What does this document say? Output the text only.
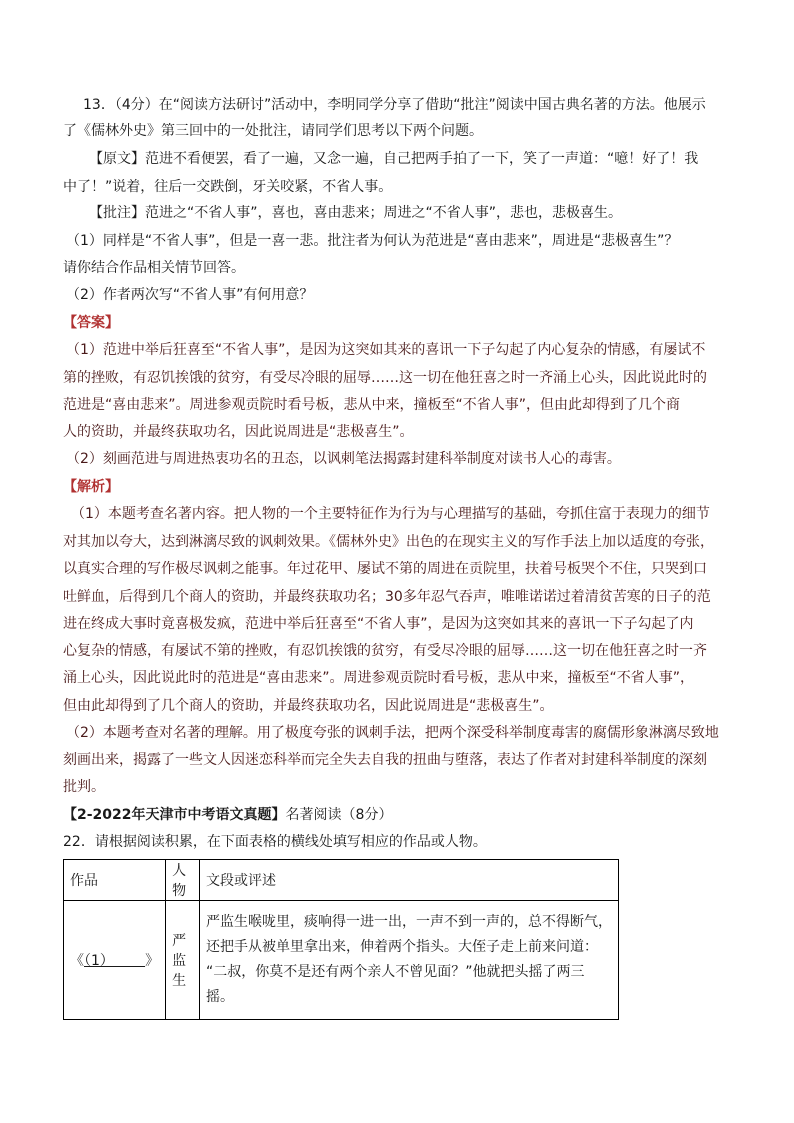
13．（4分）在“阅读方法研讨”活动中，李明同学分享了借助“批注”阅读中国古典名著的方法。他展示
了《儒林外史》第三回中的一处批注，请同学们思考以下两个问题。
【原文】范进不看便罢，看了一遍，又念一遍，自己把两手拍了一下，笑了一声道：“噫！好了！我
中了！”说着，往后一交跌倒，牙关咬紧，不省人事。
【批注】范进之“不省人事”，喜也，喜由悲来；周进之“不省人事”，悲也，悲极喜生。
（1）同样是“不省人事”，但是一喜一悲。批注者为何认为范进是“喜由悲来”，周进是“悲极喜生”？
请你结合作品相关情节回答。
（2）作者两次写“不省人事”有何用意？
【答案】
（1）范进中举后狂喜至“不省人事”，是因为这突如其来的喜讯一下子勾起了内心复杂的情感，有屡试不
第的挫败，有忍饥挨饿的贫穷，有受尽冷眼的屈辱……这一切在他狂喜之时一齐涌上心头，因此说此时的
范进是“喜由悲来”。周进参观贡院时看号板，悲从中来，撞板至“不省人事”，但由此却得到了几个商
人的资助，并最终获取功名，因此说周进是“悲极喜生”。
（2）刻画范进与周进热衷功名的丑态，以讽刺笔法揭露封建科举制度对读书人心的毒害。
【解析】
（1）本题考查名著内容。把人物的一个主要特征作为行为与心理描写的基础，夸抓住富于表现力的细节
对其加以夸大，达到淋漓尽致的讽刺效果。《儒林外史》出色的在现实主义的写作手法上加以适度的夸张，
以真实合理的写作极尽讽刺之能事。年过花甲、屡试不第的周进在贡院里，扶着号板哭个不住，只哭到口
吐鲜血，后得到几个商人的资助，并最终获取功名；30多年忍气吞声，唯唯诺诺过着清贫苦寒的日子的范
进在终成大事时竟喜极发疯，范进中举后狂喜至“不省人事”，是因为这突如其来的喜讯一下子勾起了内
心复杂的情感，有屡试不第的挫败，有忍饥挨饿的贫穷，有受尽冷眼的屈辱……这一切在他狂喜之时一齐
涌上心头，因此说此时的范进是“喜由悲来”。周进参观贡院时看号板，悲从中来，撞板至“不省人事”，
但由此却得到了几个商人的资助，并最终获取功名，因此说周进是“悲极喜生”。
（2）本题考查对名著的理解。用了极度夸张的讽刺手法，把两个深受科举制度毒害的腐儒形象淋漓尽致地
刻画出来，揭露了一些文人因迷恋科举而完全失去自我的扭曲与堕落，表达了作者对封建科举制度的深刻
批判。
【2-2022年天津市中考语文真题】名著阅读（8分）
22．请根据阅读积累，在下面表格的横线处填写相应的作品或人物。
作品	人物	文段或评述
《（1）       》	严监生	严监生喉咙里，痰响得一进一出，一声不到一声的，总不得断气，
还把手从被单里拿出来，伸着两个指头。大侄子走上前来问道：
“二叔，你莫不是还有两个亲人不曾见面？”他就把头摇了两三
摇。
